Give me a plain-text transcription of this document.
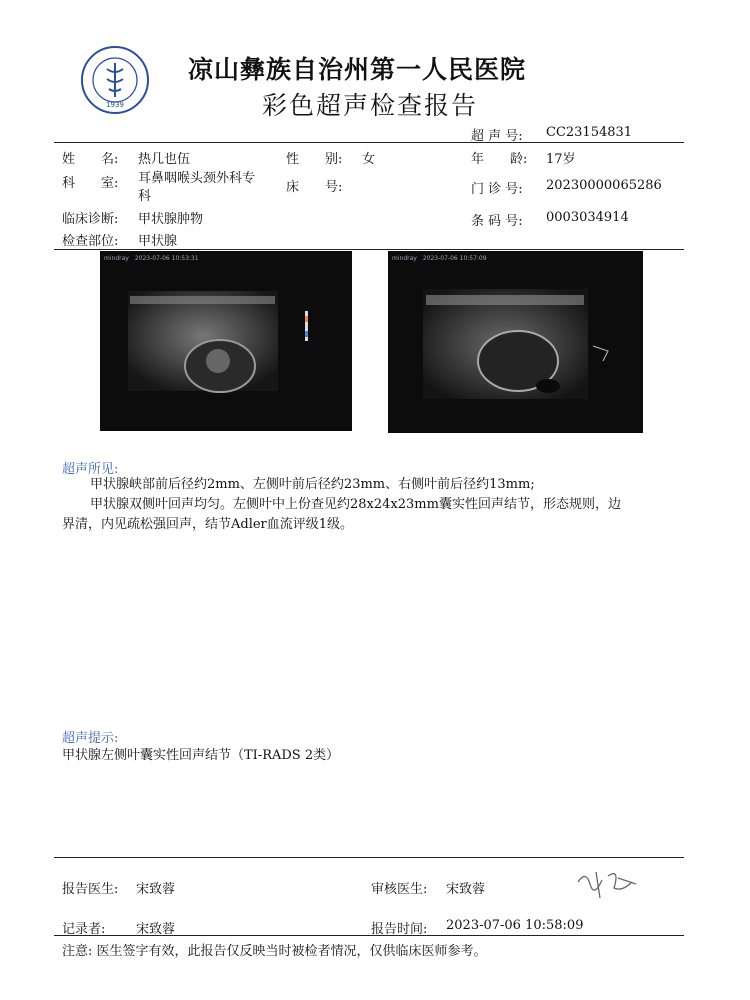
1939
凉山彝族自治州第一人民医院
彩色超声检查报告
超 声 号: CC23154831
姓　　名: 热几也伍	性　　别: 女	年　　龄: 17岁
科　　室: 耳鼻咽喉头颈外科专
科
床　　号:	门 诊 号: 20230000065286
临床诊断: 甲状腺肿物	条 码 号: 0003034914
检查部位: 甲状腺
mindray　 2023-07-06 10:53:31	mindray　 2023-07-06 10:57:09
超声所见:
甲状腺峡部前后径约2mm、左侧叶前后径约23mm、右侧叶前后径约13mm;
甲状腺双侧叶回声均匀。左侧叶中上份查见约28x24x23mm囊实性回声结节，形态规则，边
界清，内见疏松强回声，结节Adler血流评级1级。
超声提示:
甲状腺左侧叶囊实性回声结节（TI-RADS 2类）
报告医生: 宋致蓉	审核医生: 宋致蓉
记录者: 宋致蓉	报告时间: 2023-07-06 10:58:09
注意: 医生签字有效，此报告仅反映当时被检者情况，仅供临床医师参考。
